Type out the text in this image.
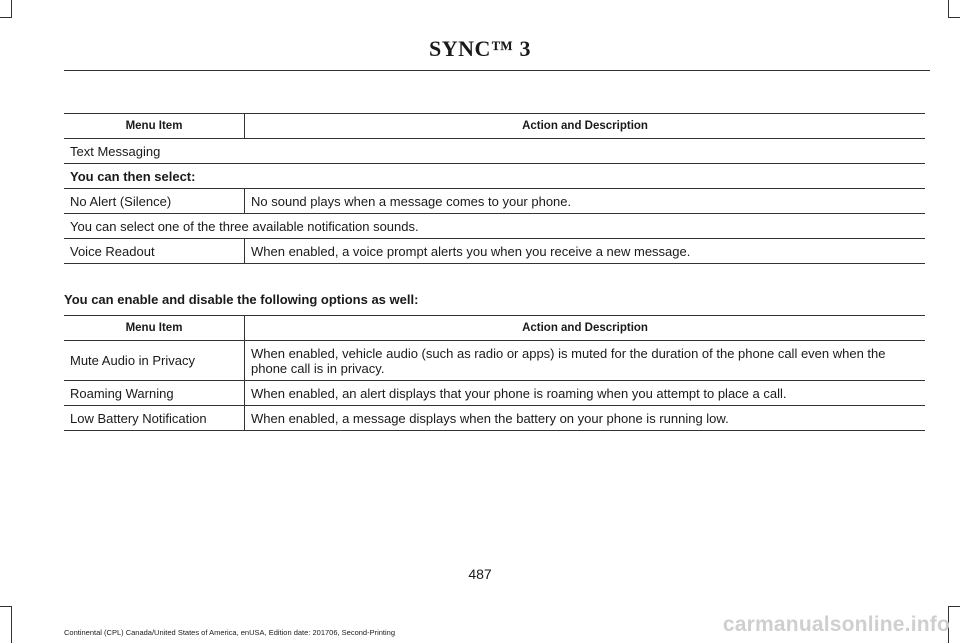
SYNC™ 3
Menu Item	Action and Description
Text Messaging	
You can then select:	
No Alert (Silence)	No sound plays when a message comes to your phone.
You can select one of the three available notification sounds.	
Voice Readout	When enabled, a voice prompt alerts you when you receive a new message.
You can enable and disable the following options as well:
Menu Item	Action and Description
Mute Audio in Privacy	When enabled, vehicle audio (such as radio or apps) is muted for the duration of the phone call even when the phone call is in privacy.
Roaming Warning	When enabled, an alert displays that your phone is roaming when you attempt to place a call.
Low Battery Notification	When enabled, a message displays when the battery on your phone is running low.
487
Continental (CPL) Canada/United States of America, enUSA, Edition date: 201706, Second-Printing	carmanualsonline.info
